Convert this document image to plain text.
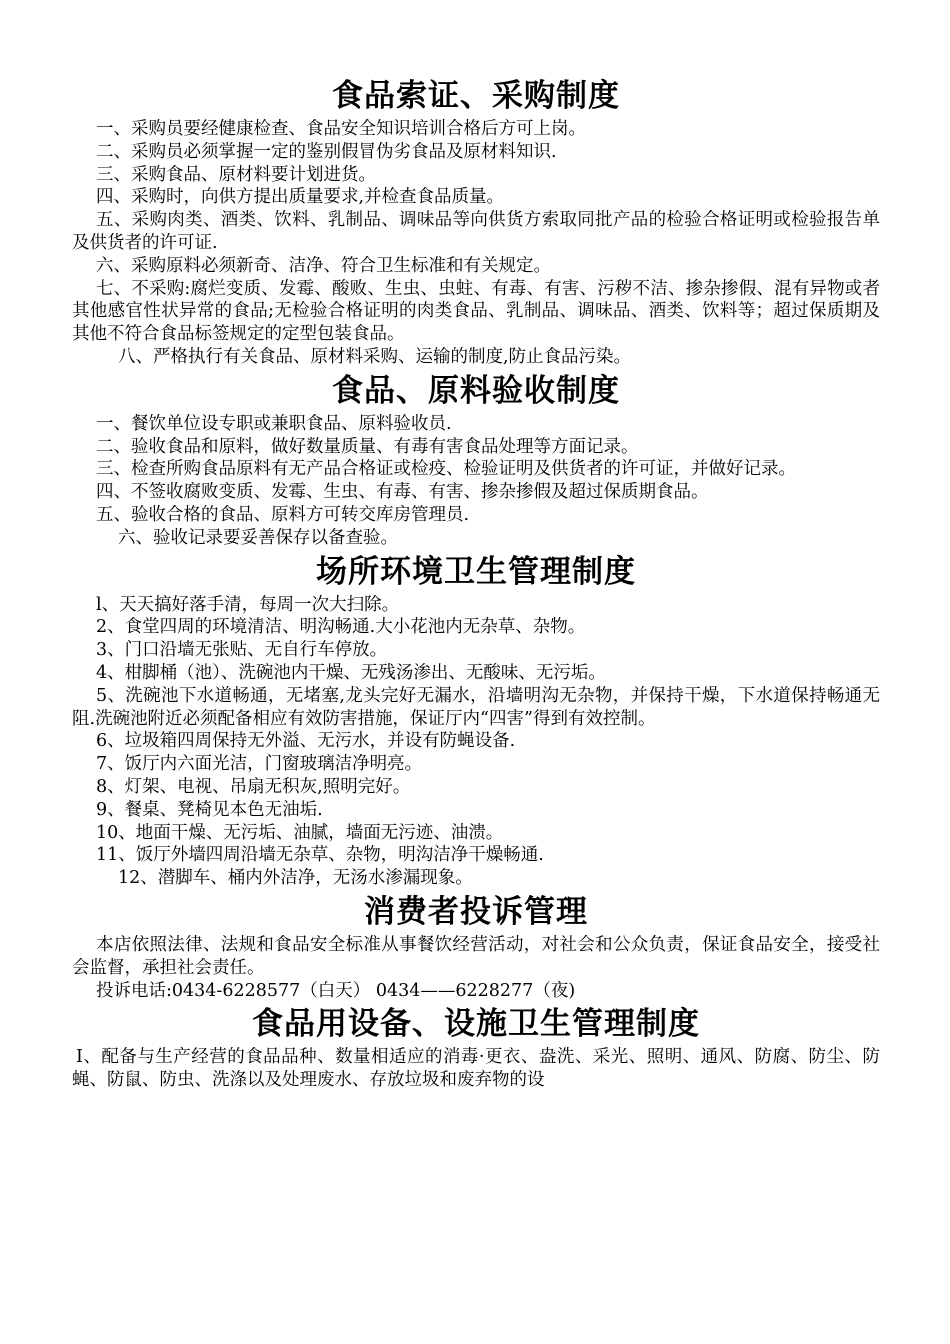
食品索证、采购制度

一、采购员要经健康检查、食品安全知识培训合格后方可上岗。

二、采购员必须掌握一定的鉴别假冒伪劣食品及原材料知识.

三、采购食品、原材料要计划进货。

四、采购时，向供方提出质量要求,并检查食品质量。

五、采购肉类、酒类、饮料、乳制品、调味品等向供货方索取同批产品的检验合格证明或检验报告单及供货者的许可证.

六、采购原料必须新奇、洁净、符合卫生标准和有关规定。

七、不采购:腐烂变质、发霉、酸败、生虫、虫蛀、有毒、有害、污秽不洁、掺杂掺假、混有异物或者其他感官性状异常的食品;无检验合格证明的肉类食品、乳制品、调味品、酒类、饮料等；超过保质期及其他不符合食品标签规定的定型包装食品。

八、严格执行有关食品、原材料采购、运输的制度,防止食品污染。

食品、原料验收制度

一、餐饮单位设专职或兼职食品、原料验收员.

二、验收食品和原料，做好数量质量、有毒有害食品处理等方面记录。

三、检查所购食品原料有无产品合格证或检疫、检验证明及供货者的许可证，并做好记录。

四、不签收腐败变质、发霉、生虫、有毒、有害、掺杂掺假及超过保质期食品。

五、验收合格的食品、原料方可转交库房管理员.

六、验收记录要妥善保存以备查验。

场所环境卫生管理制度

l、天天搞好落手清，每周一次大扫除。

2、食堂四周的环境清洁、明沟畅通.大小花池内无杂草、杂物。

3、门口沿墙无张贴、无自行车停放。

4、柑脚桶（池）、洗碗池内干燥、无残汤渗出、无酸味、无污垢。

5、洗碗池下水道畅通，无堵塞,龙头完好无漏水，沿墙明沟无杂物，并保持干燥，下水道保持畅通无阻.洗碗池附近必须配备相应有效防害措施，保证厅内“四害”得到有效控制。

6、垃圾箱四周保持无外溢、无污水，并设有防蝇设备.

7、饭厅内六面光洁，门窗玻璃洁净明亮。

8、灯架、电视、吊扇无积灰,照明完好。

9、餐桌、凳椅见本色无油垢.

10、地面干燥、无污垢、油腻，墙面无污迹、油溃。

11、饭厅外墙四周沿墙无杂草、杂物，明沟洁净干燥畅通.

12、潜脚车、桶内外洁净，无汤水渗漏现象。

消费者投诉管理

本店依照法律、法规和食品安全标准从事餐饮经营活动，对社会和公众负责，保证食品安全，接受社会监督，承担社会责任。

投诉电话:0434-6228577（白天） 0434——6228277（夜)

食品用设备、设施卫生管理制度

I、配备与生产经营的食品品种、数量相适应的消毒·更衣、盎洗、采光、照明、通风、防腐、防尘、防蝇、防鼠、防虫、洗涤以及处理废水、存放垃圾和废弃物的设
